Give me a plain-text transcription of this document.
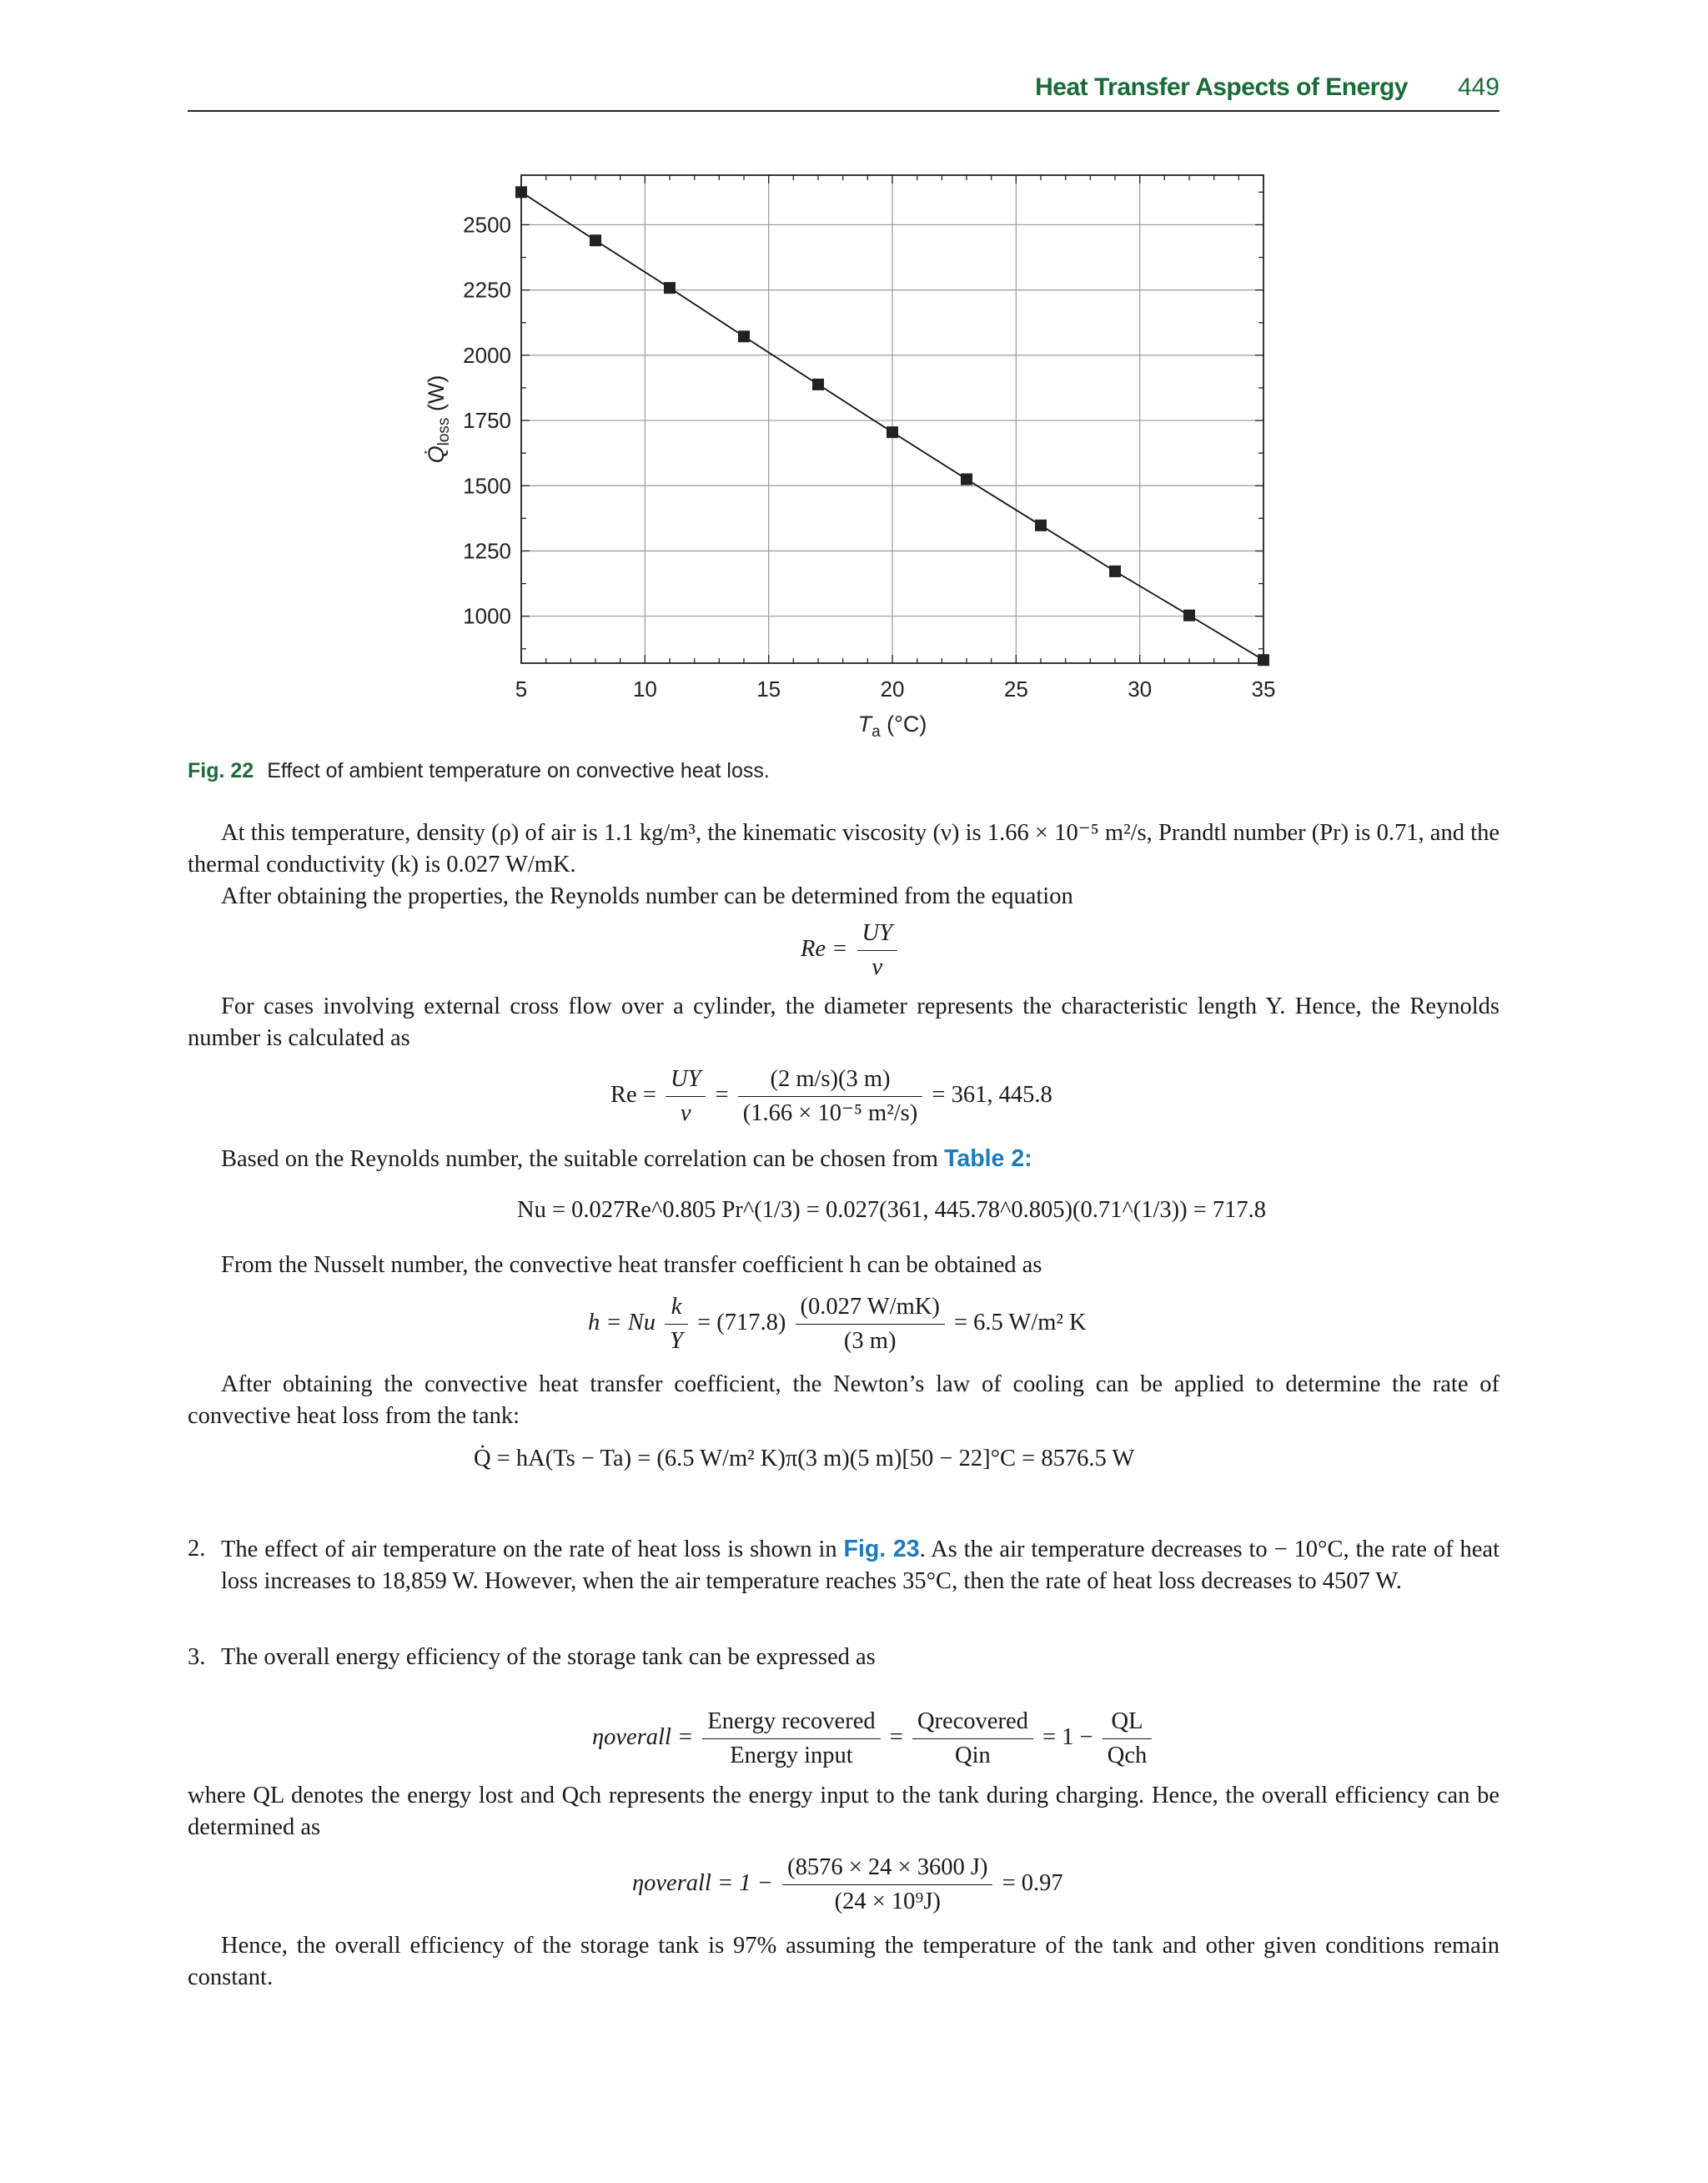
Heat Transfer Aspects of Energy 449
5	10	15	20	25	30	35
1000
1250
1500
1750
2000
2250
2500
$T_a$ (°C)
$Q̇_{loss}$ (W)
Fig. 22 Effect of ambient temperature on convective heat loss.
At this temperature, density (ρ) of air is 1.1 kg/m³, the kinematic viscosity (ν) is 1.66 × 10⁻⁵ m²/s, Prandtl number (Pr) is 0.71, and the thermal conductivity (k) is 0.027 W/mK.
After obtaining the properties, the Reynolds number can be determined from the equation
$Re = \frac{UY}{\nu}$
For cases involving external cross flow over a cylinder, the diameter represents the characteristic length Y. Hence, the Reynolds number is calculated as
$Re = \frac{UY}{\nu} = \frac{(2 m/s)(3 m)}{\text{(1.66 × 10⁻⁵ m²/s)}} = 361$, 445.8
Based on the Reynolds number, the suitable correlation can be chosen from Table 2:
Nu = 0.027Re^0.805 Pr^(1/3) = 0.027(361, 445.78^0.805)(0.71^(1/3)) = 717.8
From the Nusselt number, the convective heat transfer coefficient h can be obtained as
h = Nu $\frac{k}{Y} = (717.8) \frac{(0.027 W/mK)}{(3 m)} = 6.5$ W/m² K
After obtaining the convective heat transfer coefficient, the Newton’s law of cooling can be applied to determine the rate of convective heat loss from the tank:
Q̇ = hA(Ts − Ta) = (6.5 W/m² K)π(3 m)(5 m)[50 − 22]°C = 8576.5 W
2. The effect of air temperature on the rate of heat loss is shown in Fig. 23. As the air temperature decreases to − 10°C, the rate of heat loss increases to 18,859 W. However, when the air temperature reaches 35°C, then the rate of heat loss decreases to 4507 W.
3. The overall energy efficiency of the storage tank can be expressed as
ηoverall = $\frac{\text{Energy recovered}}{\text{Energy input}} = \frac{\text{Qrecovered}}{\text{Qin}} = 1 - \frac{QL}{\text{Qch}}$
where QL denotes the energy lost and Qch represents the energy input to the tank during charging. Hence, the overall efficiency can be determined as
ηoverall = $1 - \frac{(8576 \times 24 \times 3600 J)}{\text{(24 × 10⁹J)}} = 0.97$
Hence, the overall efficiency of the storage tank is 97% assuming the temperature of the tank and other given conditions remain constant.
